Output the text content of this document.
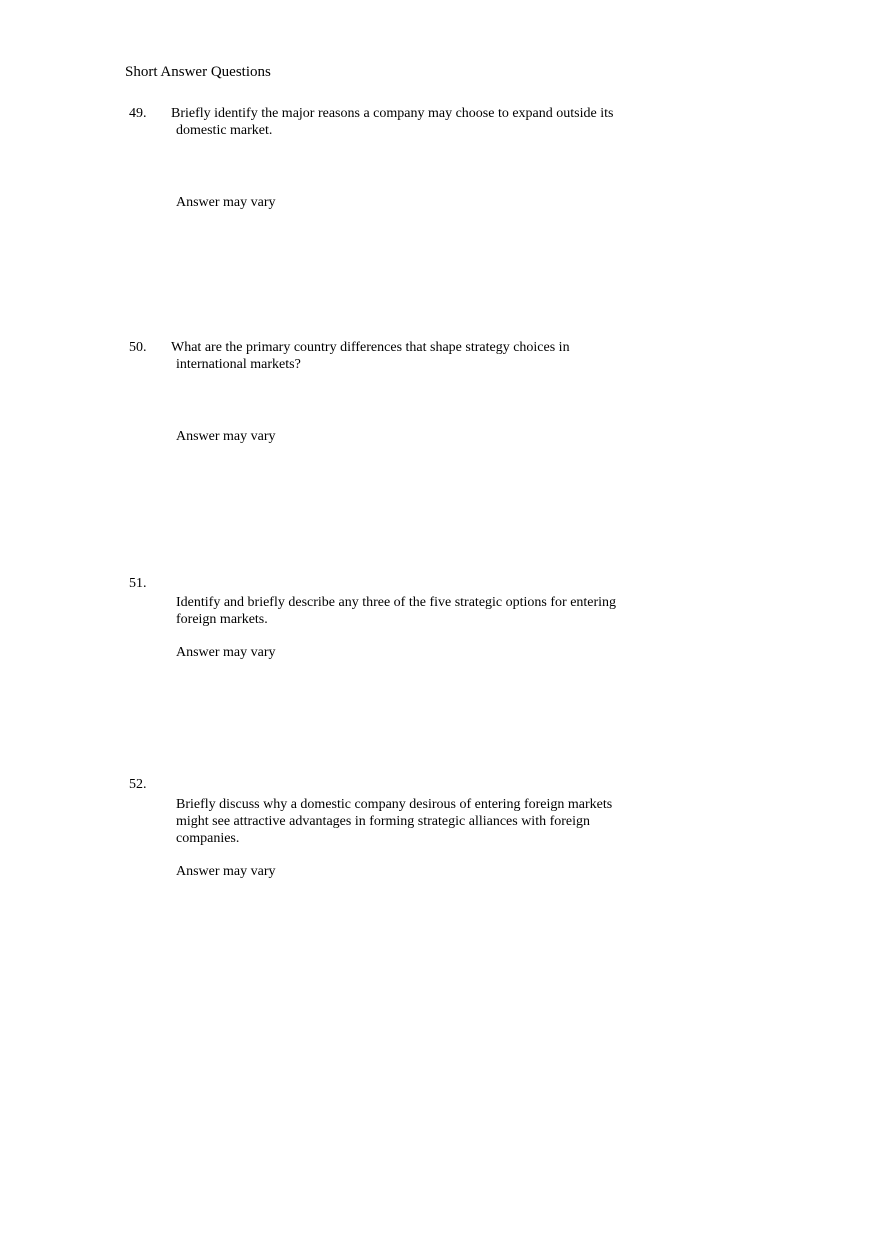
Short Answer Questions
49. Briefly identify the major reasons a company may choose to expand outside its
domestic market.
Answer may vary
50. What are the primary country differences that shape strategy choices in
international markets?
Answer may vary
51.
Identify and briefly describe any three of the five strategic options for entering
foreign markets.
Answer may vary
52.
Briefly discuss why a domestic company desirous of entering foreign markets
might see attractive advantages in forming strategic alliances with foreign
companies.
Answer may vary
